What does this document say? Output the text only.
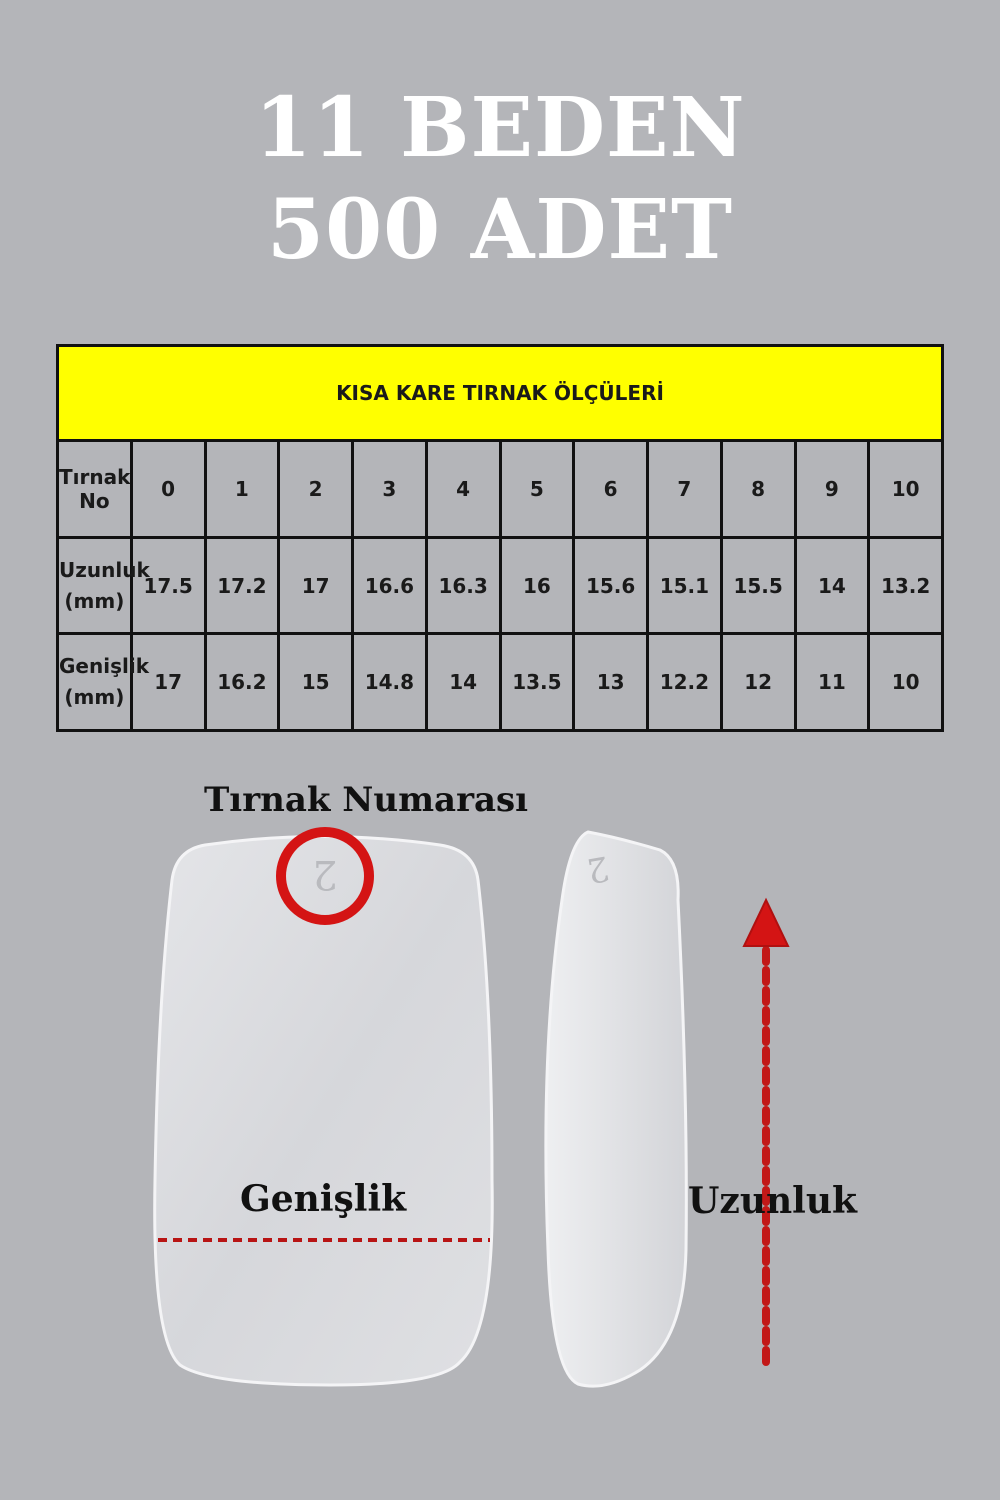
11 BEDEN
500 ADET
KISA KARE TIRNAK ÖLÇÜLERİ											
Tırnak No	0	1	2	3	4	5	6	7	8	9	10
Uzunluk
(mm)	17.5	17.2	17	16.6	16.3	16	15.6	15.1	15.5	14	13.2
Genişlik
(mm)	17	16.2	15	14.8	14	13.5	13	12.2	12	11	10
2	2
Tırnak Numarası
Genişlik	Uzunluk
